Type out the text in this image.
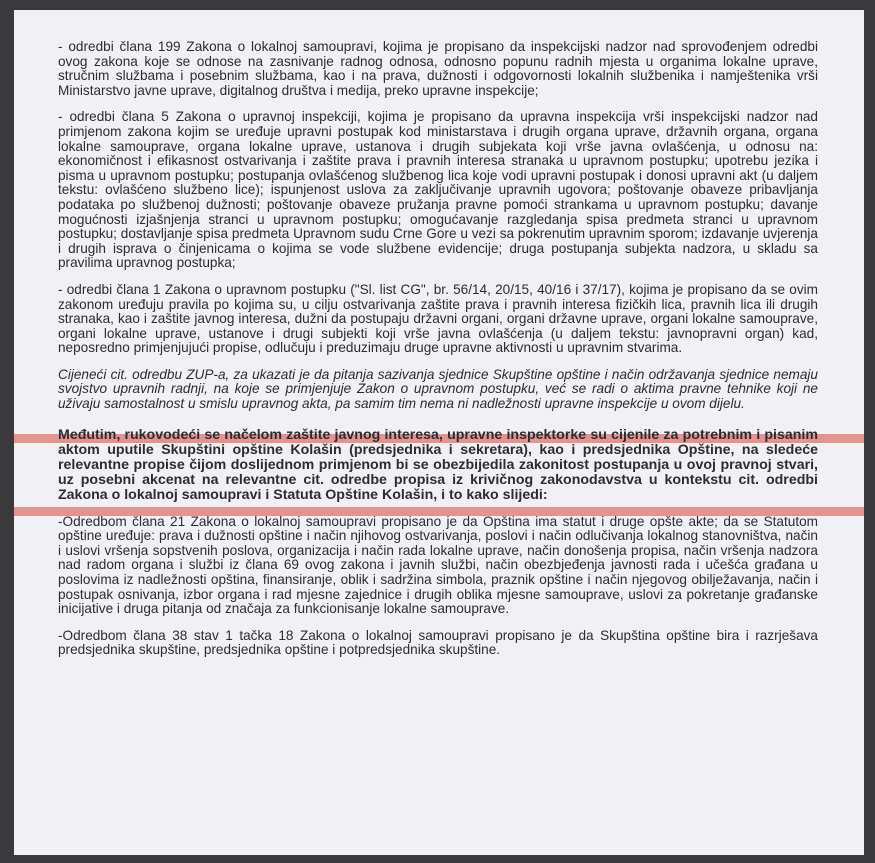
- odredbi člana 199 Zakona o lokalnoj samoupravi, kojima je propisano da inspekcijski nadzor nad sprovođenjem odredbi ovog zakona koje se odnose na zasnivanje radnog odnosa, odnosno popunu radnih mjesta u organima lokalne uprave, stručnim službama i posebnim službama, kao i na prava, dužnosti i odgovornosti lokalnih službenika i namještenika vrši Ministarstvo javne uprave, digitalnog društva i medija, preko upravne inspekcije;

- odredbi člana 5 Zakona o upravnoj inspekciji, kojima je propisano da upravna inspekcija vrši inspekcijski nadzor nad primjenom zakona kojim se uređuje upravni postupak kod ministarstava i drugih organa uprave, državnih organa, organa lokalne samouprave, organa lokalne uprave, ustanova i drugih subjekata koji vrše javna ovlašćenja, u odnosu na: ekonomičnost i efikasnost ostvarivanja i zaštite prava i pravnih interesa stranaka u upravnom postupku; upotrebu jezika i pisma u upravnom postupku; postupanja ovlašćenog službenog lica koje vodi upravni postupak i donosi upravni akt (u daljem tekstu: ovlašćeno službeno lice); ispunjenost uslova za zaključivanje upravnih ugovora; poštovanje obaveze pribavljanja podataka po službenoj dužnosti; poštovanje obaveze pružanja pravne pomoći strankama u upravnom postupku; davanje mogućnosti izjašnjenja stranci u upravnom postupku; omogućavanje razgledanja spisa predmeta stranci u upravnom postupku; dostavljanje spisa predmeta Upravnom sudu Crne Gore u vezi sa pokrenutim upravnim sporom; izdavanje uvjerenja i drugih isprava o činjenicama o kojima se vode službene evidencije; druga postupanja subjekta nadzora, u skladu sa pravilima upravnog postupka;

- odredbi člana 1 Zakona o upravnom postupku ("Sl. list CG", br. 56/14, 20/15, 40/16 i 37/17), kojima je propisano da se ovim zakonom uređuju pravila po kojima su, u cilju ostvarivanja zaštite prava i pravnih interesa fizičkih lica, pravnih lica ili drugih stranaka, kao i zaštite javnog interesa, dužni da postupaju državni organi, organi državne uprave, organi lokalne samouprave, organi lokalne uprave, ustanove i drugi subjekti koji vrše javna ovlašćenja (u daljem tekstu: javnopravni organ) kad, neposredno primjenjujući propise, odlučuju i preduzimaju druge upravne aktivnosti u upravnim stvarima.

Cijeneći cit. odredbu ZUP-a, za ukazati je da pitanja sazivanja sjednice Skupštine opštine i način održavanja sjednice nemaju svojstvo upravnih radnji, na koje se primjenjuje Zakon o upravnom postupku, već se radi o aktima pravne tehnike koji ne uživaju samostalnost u smislu upravnog akta, pa samim tim nema ni nadležnosti upravne inspekcije u ovom dijelu.

Međutim, rukovodeći se načelom zaštite javnog interesa, upravne inspektorke su cijenile za potrebnim i pisanim aktom uputile Skupštini opštine Kolašin (predsjednika i sekretara), kao i predsjednika Opštine, na sledeće relevantne propise čijom doslijednom primjenom bi se obezbijedila zakonitost postupanja u ovoj pravnoj stvari, uz posebni akcenat na relevantne cit. odredbe propisa iz krivičnog zakonodavstva u kontekstu cit. odredbi Zakona o lokalnoj samoupravi i Statuta Opštine Kolašin, i to kako slijedi:

-Odredbom člana 21 Zakona o lokalnoj samoupravi propisano je da Opština ima statut i druge opšte akte; da se Statutom opštine uređuje: prava i dužnosti opštine i način njihovog ostvarivanja, poslovi i način odlučivanja lokalnog stanovništva, način i uslovi vršenja sopstvenih poslova, organizacija i način rada lokalne uprave, način donošenja propisa, način vršenja nadzora nad radom organa i službi iz člana 69 ovog zakona i javnih službi, način obezbjeđenja javnosti rada i učešća građana u poslovima iz nadležnosti opština, finansiranje, oblik i sadržina simbola, praznik opštine i način njegovog obilježavanja, način i postupak osnivanja, izbor organa i rad mjesne zajednice i drugih oblika mjesne samouprave, uslovi za pokretanje građanske inicijative i druga pitanja od značaja za funkcionisanje lokalne samouprave.

-Odredbom člana 38 stav 1 tačka 18 Zakona o lokalnoj samoupravi propisano je da Skupština opštine bira i razrješava predsjednika skupštine, predsjednika opštine i potpredsjednika skupštine.
